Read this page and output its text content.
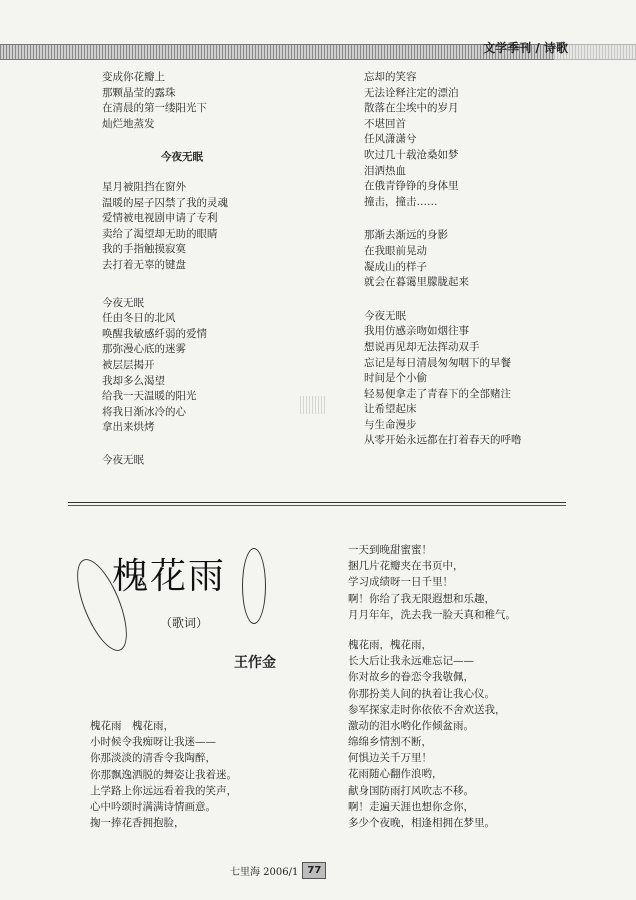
文学季刊 / 诗歌
变成你花瓣上
那颗晶莹的露珠
在清晨的第一缕阳光下
灿烂地蒸发
今夜无眠
星月被阻挡在窗外
温暖的屋子囚禁了我的灵魂
爱情被电视剧申请了专利
卖给了渴望却无助的眼睛
我的手指触摸寂寞
去打着无辜的键盘
今夜无眠
任由冬日的北风
唤醒我敏感纤弱的爱情
那弥漫心底的迷雾
被层层揭开
我却多么渴望
给我一天温暖的阳光
将我日渐冰冷的心
拿出来烘烤
今夜无眠
忘却的笑容
无法诠释注定的漂泊
散落在尘埃中的岁月
不堪回首
任风潇潇兮
吹过几十载沧桑如梦
泪洒热血
在俄青铮铮的身体里
撞击，撞击……
那渐去渐远的身影
在我眼前晃动
凝成山的样子
就会在暮霭里朦胧起来
今夜无眠
我用仿感亲吻如烟往事
想说再见却无法挥动双手
忘记是每日清晨匆匆咽下的早餐
时间是个小偷
轻易便拿走了青春下的全部赌注
让希望起床
与生命漫步
从零开始永远都在打着春天的呼噜
槐花雨
（歌词）
王作金
槐花雨　槐花雨，
小时候令我痴呀让我迷——
你那淡淡的清香令我陶醉，
你那飘逸洒脱的舞姿让我着迷。
上学路上你远远看着我的笑声，
心中吟颂时满满诗情画意。
掬一捧花香拥抱脸，
一天到晚甜蜜蜜！
捆几片花瓣夹在书页中，
学习成绩呀一日千里！
啊！你给了我无限遐想和乐趣，
月月年年，洗去我一脸天真和稚气。
槐花雨，槐花雨，
长大后让我永远难忘记——
你对故乡的眷恋令我敬佩，
你那扮美人间的执着让我心仪。
参军探家走时你依依不舍欢送我，
激动的泪水哟化作倾盆雨。
绵绵乡情割不断，
何惧边关千万里！
花雨随心翻作浪哟，
献身国防雨打风吹志不移。
啊！走遍天涯也想你念你，
多少个夜晚，相逢相拥在梦里。
七里海 2006/1 77
